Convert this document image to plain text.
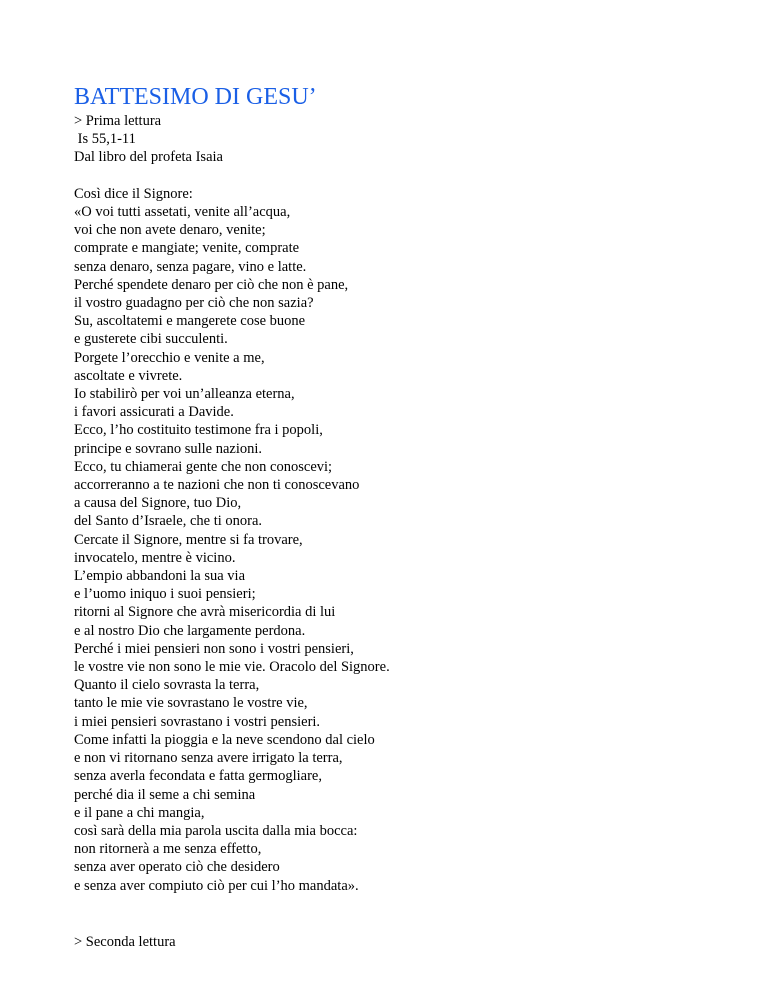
BATTESIMO DI GESU’
> Prima lettura
Is 55,1-11
Dal libro del profeta Isaia
Così dice il Signore:
«O voi tutti assetati, venite all’acqua,
voi che non avete denaro, venite;
comprate e mangiate; venite, comprate
senza denaro, senza pagare, vino e latte.
Perché spendete denaro per ciò che non è pane,
il vostro guadagno per ciò che non sazia?
Su, ascoltatemi e mangerete cose buone
e gusterete cibi succulenti.
Porgete l’orecchio e venite a me,
ascoltate e vivrete.
Io stabilirò per voi un’alleanza eterna,
i favori assicurati a Davide.
Ecco, l’ho costituito testimone fra i popoli,
principe e sovrano sulle nazioni.
Ecco, tu chiamerai gente che non conoscevi;
accorreranno a te nazioni che non ti conoscevano
a causa del Signore, tuo Dio,
del Santo d’Israele, che ti onora.
Cercate il Signore, mentre si fa trovare,
invocatelo, mentre è vicino.
L’empio abbandoni la sua via
e l’uomo iniquo i suoi pensieri;
ritorni al Signore che avrà misericordia di lui
e al nostro Dio che largamente perdona.
Perché i miei pensieri non sono i vostri pensieri,
le vostre vie non sono le mie vie. Oracolo del Signore.
Quanto il cielo sovrasta la terra,
tanto le mie vie sovrastano le vostre vie,
i miei pensieri sovrastano i vostri pensieri.
Come infatti la pioggia e la neve scendono dal cielo
e non vi ritornano senza avere irrigato la terra,
senza averla fecondata e fatta germogliare,
perché dia il seme a chi semina
e il pane a chi mangia,
così sarà della mia parola uscita dalla mia bocca:
non ritornerà a me senza effetto,
senza aver operato ciò che desidero
e senza aver compiuto ciò per cui l’ho mandata».
> Seconda lettura
